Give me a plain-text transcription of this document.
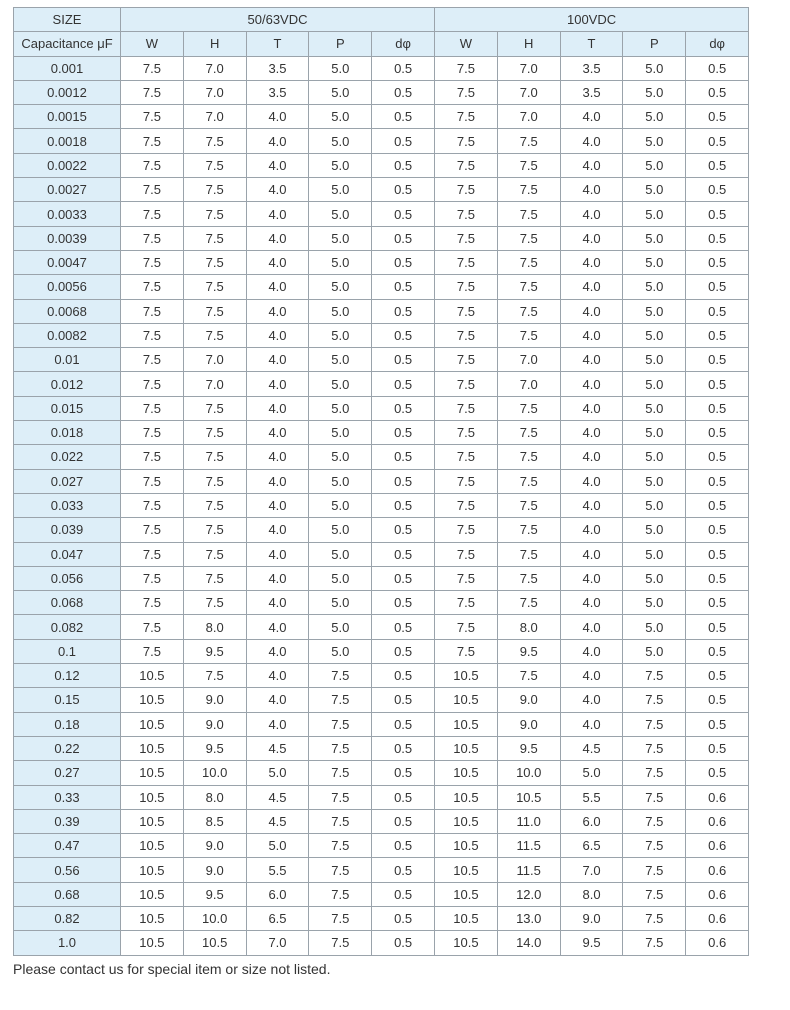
SIZE	50/63VDC					100VDC				
Capacitance μF	W	H	T	P	dφ	W	H	T	P	dφ
0.001	7.5	7.0	3.5	5.0	0.5	7.5	7.0	3.5	5.0	0.5
0.0012	7.5	7.0	3.5	5.0	0.5	7.5	7.0	3.5	5.0	0.5
0.0015	7.5	7.0	4.0	5.0	0.5	7.5	7.0	4.0	5.0	0.5
0.0018	7.5	7.5	4.0	5.0	0.5	7.5	7.5	4.0	5.0	0.5
0.0022	7.5	7.5	4.0	5.0	0.5	7.5	7.5	4.0	5.0	0.5
0.0027	7.5	7.5	4.0	5.0	0.5	7.5	7.5	4.0	5.0	0.5
0.0033	7.5	7.5	4.0	5.0	0.5	7.5	7.5	4.0	5.0	0.5
0.0039	7.5	7.5	4.0	5.0	0.5	7.5	7.5	4.0	5.0	0.5
0.0047	7.5	7.5	4.0	5.0	0.5	7.5	7.5	4.0	5.0	0.5
0.0056	7.5	7.5	4.0	5.0	0.5	7.5	7.5	4.0	5.0	0.5
0.0068	7.5	7.5	4.0	5.0	0.5	7.5	7.5	4.0	5.0	0.5
0.0082	7.5	7.5	4.0	5.0	0.5	7.5	7.5	4.0	5.0	0.5
0.01	7.5	7.0	4.0	5.0	0.5	7.5	7.0	4.0	5.0	0.5
0.012	7.5	7.0	4.0	5.0	0.5	7.5	7.0	4.0	5.0	0.5
0.015	7.5	7.5	4.0	5.0	0.5	7.5	7.5	4.0	5.0	0.5
0.018	7.5	7.5	4.0	5.0	0.5	7.5	7.5	4.0	5.0	0.5
0.022	7.5	7.5	4.0	5.0	0.5	7.5	7.5	4.0	5.0	0.5
0.027	7.5	7.5	4.0	5.0	0.5	7.5	7.5	4.0	5.0	0.5
0.033	7.5	7.5	4.0	5.0	0.5	7.5	7.5	4.0	5.0	0.5
0.039	7.5	7.5	4.0	5.0	0.5	7.5	7.5	4.0	5.0	0.5
0.047	7.5	7.5	4.0	5.0	0.5	7.5	7.5	4.0	5.0	0.5
0.056	7.5	7.5	4.0	5.0	0.5	7.5	7.5	4.0	5.0	0.5
0.068	7.5	7.5	4.0	5.0	0.5	7.5	7.5	4.0	5.0	0.5
0.082	7.5	8.0	4.0	5.0	0.5	7.5	8.0	4.0	5.0	0.5
0.1	7.5	9.5	4.0	5.0	0.5	7.5	9.5	4.0	5.0	0.5
0.12	10.5	7.5	4.0	7.5	0.5	10.5	7.5	4.0	7.5	0.5
0.15	10.5	9.0	4.0	7.5	0.5	10.5	9.0	4.0	7.5	0.5
0.18	10.5	9.0	4.0	7.5	0.5	10.5	9.0	4.0	7.5	0.5
0.22	10.5	9.5	4.5	7.5	0.5	10.5	9.5	4.5	7.5	0.5
0.27	10.5	10.0	5.0	7.5	0.5	10.5	10.0	5.0	7.5	0.5
0.33	10.5	8.0	4.5	7.5	0.5	10.5	10.5	5.5	7.5	0.6
0.39	10.5	8.5	4.5	7.5	0.5	10.5	11.0	6.0	7.5	0.6
0.47	10.5	9.0	5.0	7.5	0.5	10.5	11.5	6.5	7.5	0.6
0.56	10.5	9.0	5.5	7.5	0.5	10.5	11.5	7.0	7.5	0.6
0.68	10.5	9.5	6.0	7.5	0.5	10.5	12.0	8.0	7.5	0.6
0.82	10.5	10.0	6.5	7.5	0.5	10.5	13.0	9.0	7.5	0.6
1.0	10.5	10.5	7.0	7.5	0.5	10.5	14.0	9.5	7.5	0.6
Please contact us for special item or size not listed.
